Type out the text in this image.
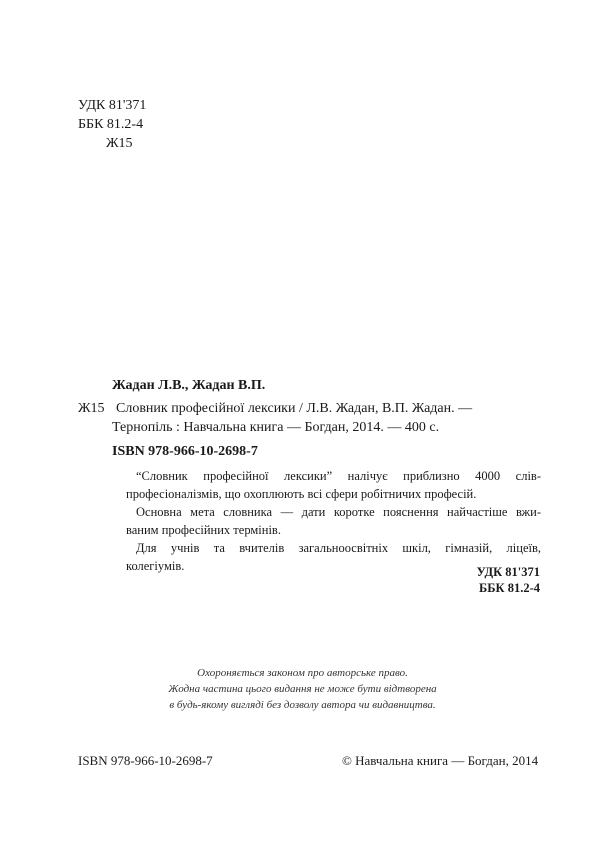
УДК 81'371
ББК 81.2-4
Ж15
Жадан Л.В., Жадан В.П.
Ж15 Словник професійної лексики / Л.В. Жадан, В.П. Жадан. —
Тернопіль : Навчальна книга — Богдан, 2014. — 400 с.
ISBN 978-966-10-2698-7

“Словник професійної лексики” налічує приблизно 4000 слів-

професіоналізмів, що охоплюють всі сфери робітничих професій.

Основна мета словника — дати коротке пояснення найчастіше вжи-

ваним професійних термінів.

Для учнів та вчителів загальноосвітніх шкіл, гімназій, ліцеїв,

колегіумів.	УДК 81'371
ББК 81.2-4
Охороняється законом про авторське право.
Жодна частина цього видання не може бути відтворена
в будь-якому вигляді без дозволу автора чи видавництва.
ISBN 978-966-10-2698-7	© Навчальна книга — Богдан, 2014
